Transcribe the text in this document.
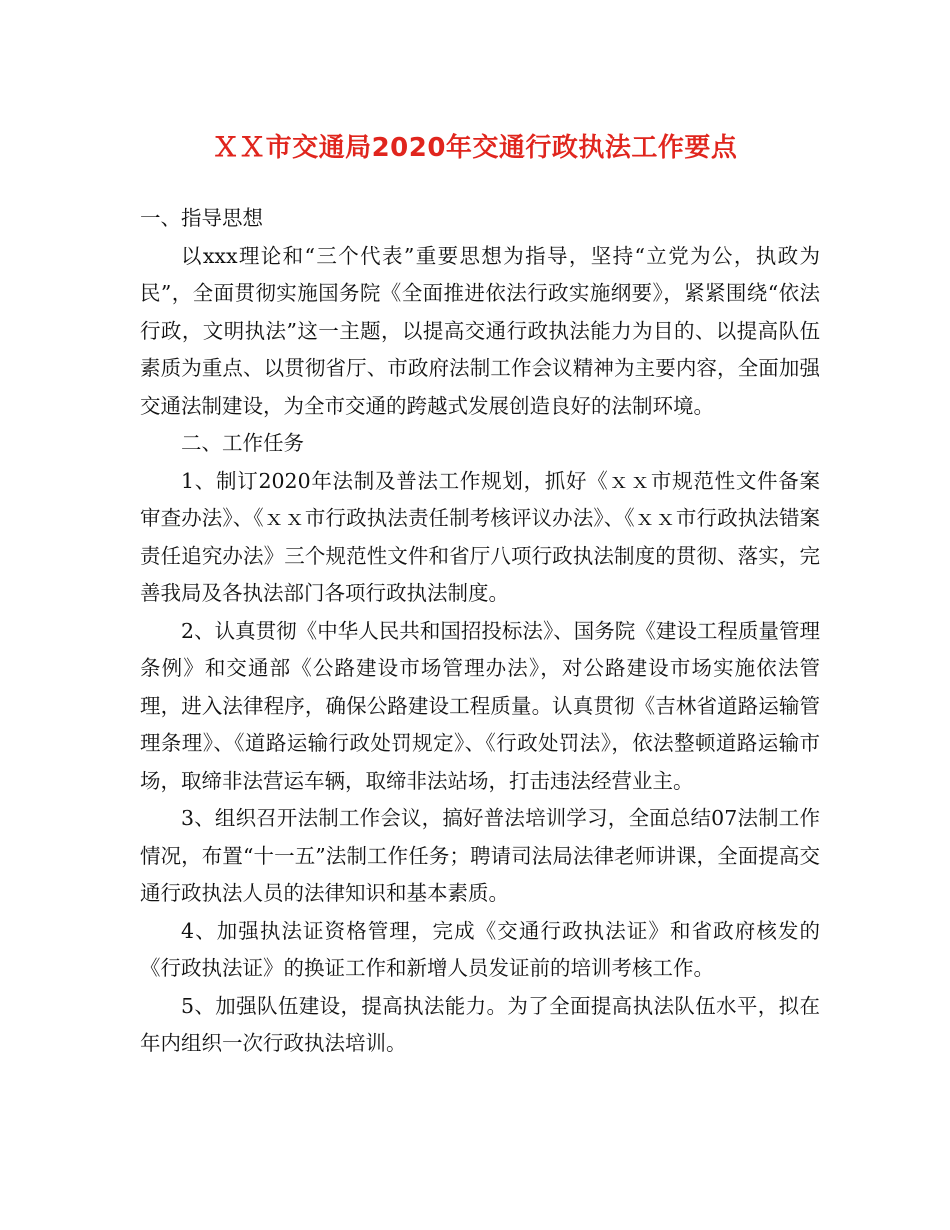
ＸＸ市交通局2020年交通行政执法工作要点

一、指导思想

以xxx理论和“三个代表”重要思想为指导，坚持“立党为公，执政为民”，全面贯彻实施国务院《全面推进依法行政实施纲要》，紧紧围绕“依法行政，文明执法”这一主题，以提高交通行政执法能力为目的、以提高队伍素质为重点、以贯彻省厅、市政府法制工作会议精神为主要内容，全面加强交通法制建设，为全市交通的跨越式发展创造良好的法制环境。

二、工作任务

1、制订2020年法制及普法工作规划，抓好《ｘｘ市规范性文件备案审查办法》、《ｘｘ市行政执法责任制考核评议办法》、《ｘｘ市行政执法错案责任追究办法》三个规范性文件和省厅八项行政执法制度的贯彻、落实，完善我局及各执法部门各项行政执法制度。

2、认真贯彻《中华人民共和国招投标法》、国务院《建设工程质量管理条例》和交通部《公路建设市场管理办法》，对公路建设市场实施依法管理，进入法律程序，确保公路建设工程质量。认真贯彻《吉林省道路运输管理条理》、《道路运输行政处罚规定》、《行政处罚法》，依法整顿道路运输市场，取缔非法营运车辆，取缔非法站场，打击违法经营业主。

3、组织召开法制工作会议，搞好普法培训学习，全面总结07法制工作情况，布置“十一五”法制工作任务；聘请司法局法律老师讲课，全面提高交通行政执法人员的法律知识和基本素质。

4、加强执法证资格管理，完成《交通行政执法证》和省政府核发的《行政执法证》的换证工作和新增人员发证前的培训考核工作。

5、加强队伍建设，提高执法能力。为了全面提高执法队伍水平，拟在年内组织一次行政执法培训。
